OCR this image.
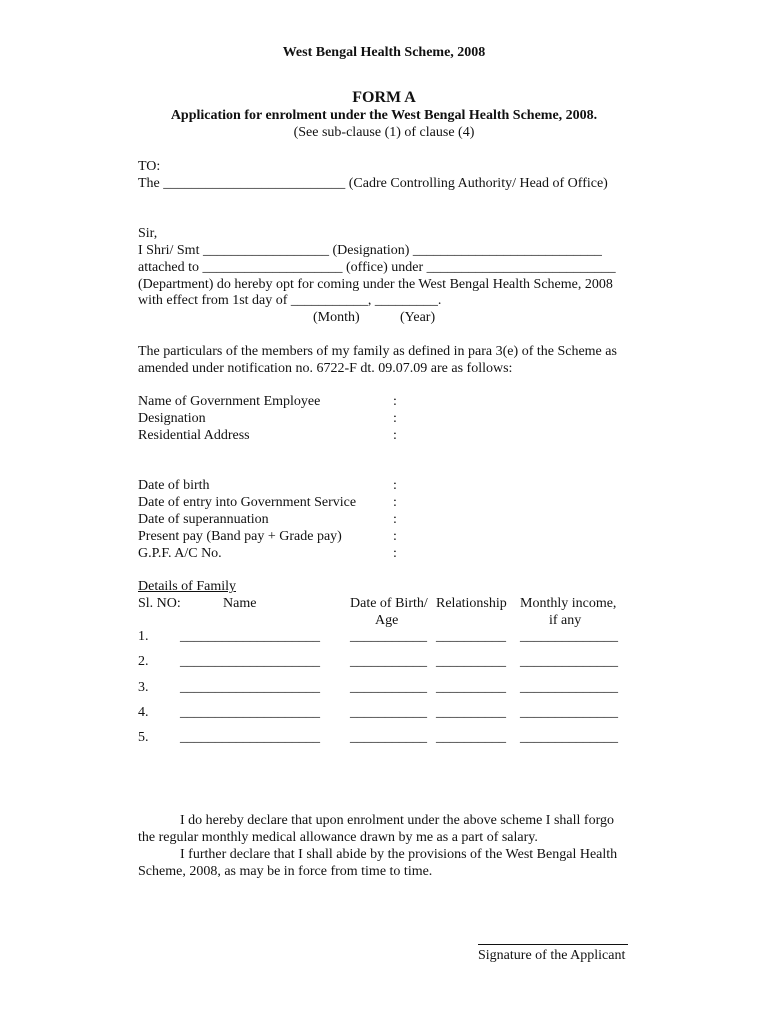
West Bengal Health Scheme, 2008
FORM A
Application for enrolment under the West Bengal Health Scheme, 2008.
(See sub-clause (1) of clause (4)
TO:
The __________________________ (Cadre Controlling Authority/ Head of Office)
Sir,
I Shri/ Smt __________________ (Designation) ___________________________
attached to ____________________ (office) under ___________________________
(Department) do hereby opt for coming under the West Bengal Health Scheme, 2008
with effect from 1st day of ___________, _________.
(Month)	(Year)
The particulars of the members of my family as defined in para 3(e) of the Scheme as
amended under notification no. 6722-F dt. 09.07.09 are as follows:
Name of Government Employee	:
Designation	:
Residential Address	:
Date of birth	:
Date of entry into Government Service	:
Date of superannuation	:
Present pay (Band pay + Grade pay)	:
G.P.F. A/C No.	:
Details of Family
Sl. NO:	Name	Date of Birth/
Age
Relationship Monthly income,
if any
1. ____________________ ___________ __________ ______________
2. ____________________ ___________ __________ ______________
3. ____________________ ___________ __________ ______________
4. ____________________ ___________ __________ ______________
5. ____________________ ___________ __________ ______________
I do hereby declare that upon enrolment under the above scheme I shall forgo
the regular monthly medical allowance drawn by me as a part of salary.
I further declare that I shall abide by the provisions of the West Bengal Health
Scheme, 2008, as may be in force from time to time.
Signature of the Applicant
